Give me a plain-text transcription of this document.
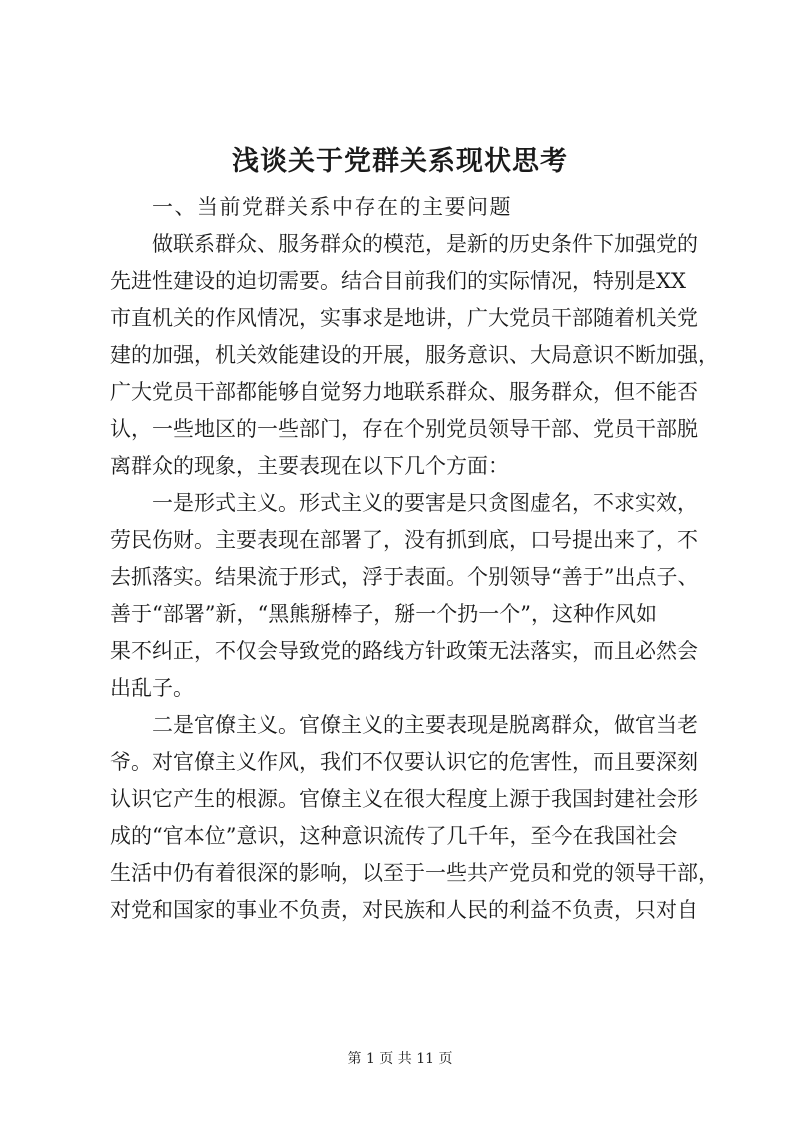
浅谈关于党群关系现状思考
一、当前党群关系中存在的主要问题
做联系群众、服务群众的模范，是新的历史条件下加强党的
先进性建设的迫切需要。结合目前我们的实际情况，特别是XX
市直机关的作风情况，实事求是地讲，广大党员干部随着机关党
建的加强，机关效能建设的开展，服务意识、大局意识不断加强，
广大党员干部都能够自觉努力地联系群众、服务群众，但不能否
认，一些地区的一些部门，存在个别党员领导干部、党员干部脱
离群众的现象，主要表现在以下几个方面：
一是形式主义。形式主义的要害是只贪图虚名，不求实效，
劳民伤财。主要表现在部署了，没有抓到底，口号提出来了，不
去抓落实。结果流于形式，浮于表面。个别领导“善于”出点子、
善于“部署”新，“黑熊掰棒子，掰一个扔一个”，这种作风如
果不纠正，不仅会导致党的路线方针政策无法落实，而且必然会
出乱子。
二是官僚主义。官僚主义的主要表现是脱离群众，做官当老
爷。对官僚主义作风，我们不仅要认识它的危害性，而且要深刻
认识它产生的根源。官僚主义在很大程度上源于我国封建社会形
成的“官本位”意识，这种意识流传了几千年，至今在我国社会
生活中仍有着很深的影响，以至于一些共产党员和党的领导干部，
对党和国家的事业不负责，对民族和人民的利益不负责，只对自
第 1 页 共 11 页
